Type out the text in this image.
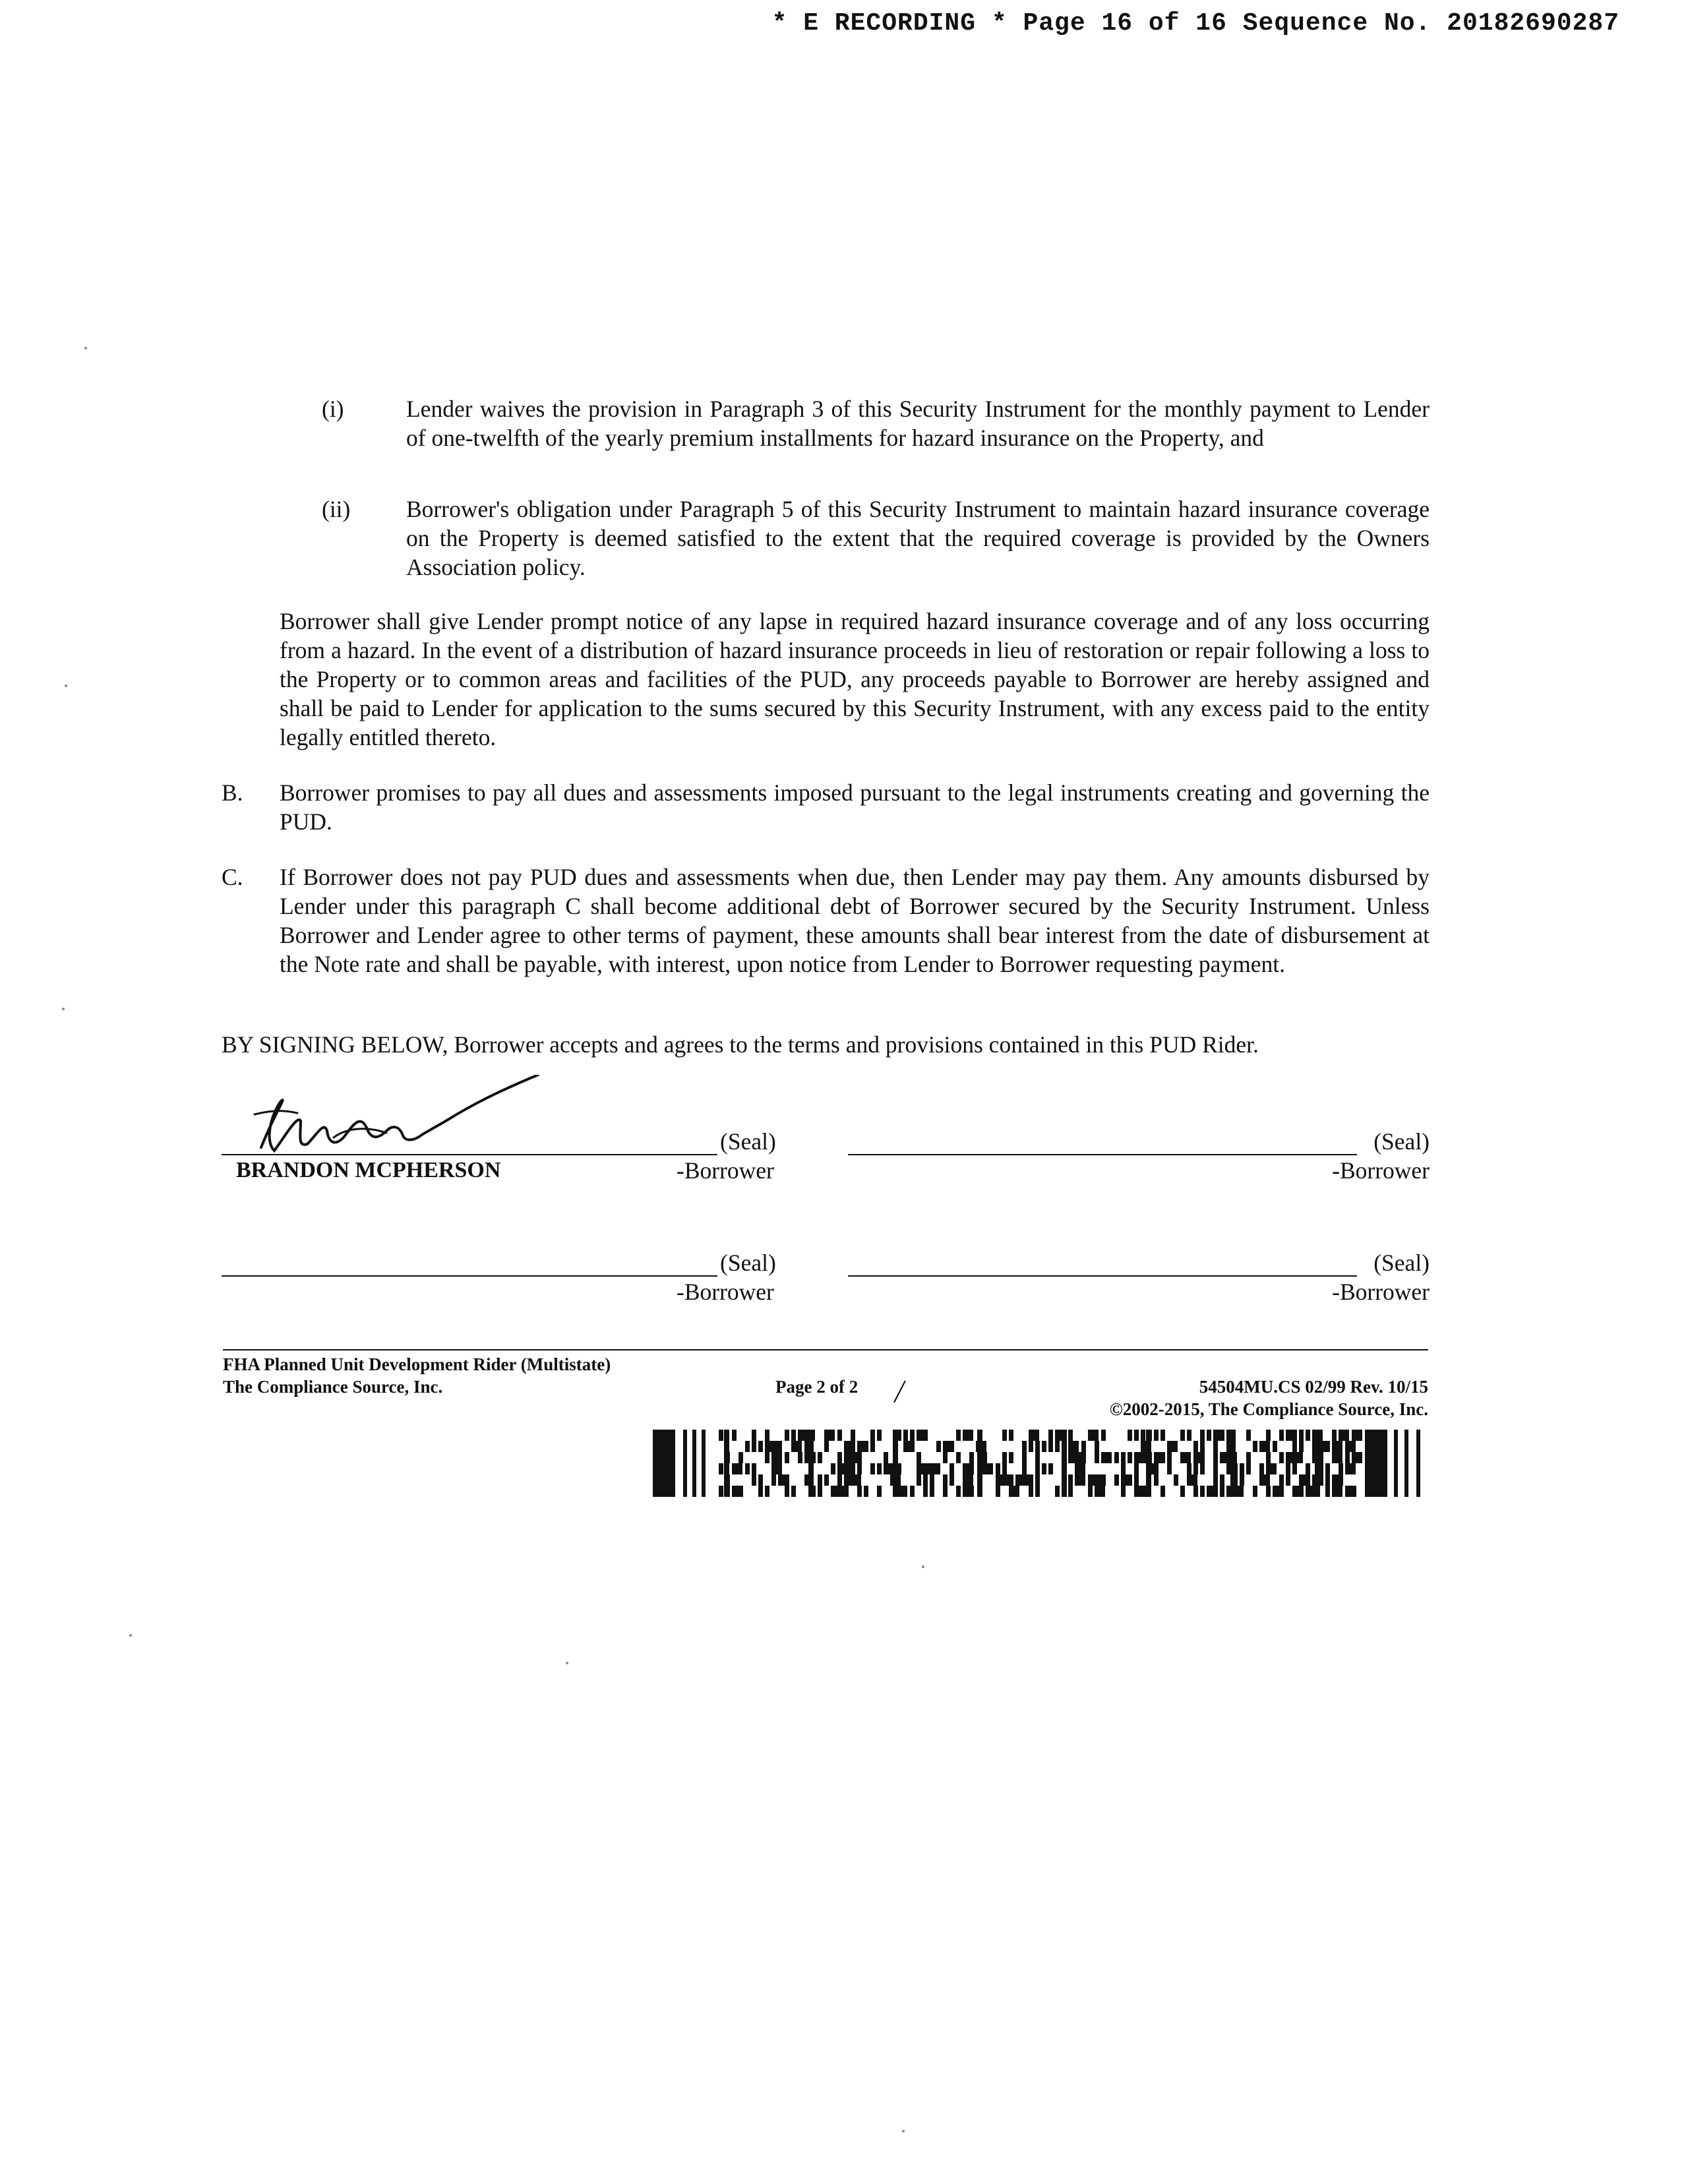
* E RECORDING * Page 16 of 16 Sequence No. 20182690287
(i)	Lender waives the provision in Paragraph 3 of this Security Instrument for the monthly payment to Lender of one-twelfth of the yearly premium installments for hazard insurance on the Property, and
(ii) Borrower's obligation under Paragraph 5 of this Security Instrument to maintain hazard insurance coverage on the Property is deemed satisfied to the extent that the required coverage is provided by the Owners Association policy.
Borrower shall give Lender prompt notice of any lapse in required hazard insurance coverage and of any loss occurring from a hazard. In the event of a distribution of hazard insurance proceeds in lieu of restoration or repair following a loss to the Property or to common areas and facilities of the PUD, any proceeds payable to Borrower are hereby assigned and shall be paid to Lender for application to the sums secured by this Security Instrument, with any excess paid to the entity legally entitled thereto.
B. Borrower promises to pay all dues and assessments imposed pursuant to the legal instruments creating and governing the PUD.
C. If Borrower does not pay PUD dues and assessments when due, then Lender may pay them. Any amounts disbursed by Lender under this paragraph C shall become additional debt of Borrower secured by the Security Instrument. Unless Borrower and Lender agree to other terms of payment, these amounts shall bear interest from the date of disbursement at the Note rate and shall be payable, with interest, upon notice from Lender to Borrower requesting payment.
BY SIGNING BELOW, Borrower accepts and agrees to the terms and provisions contained in this PUD Rider.
(Seal)
BRANDON MCPHERSON	-Borrower
(Seal)
-Borrower
(Seal)
-Borrower
(Seal)
-Borrower
FHA Planned Unit Development Rider (Multistate)
The Compliance Source, Inc.	Page 2 of 2 ╱	54504MU.CS 02/99 Rev. 10/15
©2002-2015, The Compliance Source, Inc.
